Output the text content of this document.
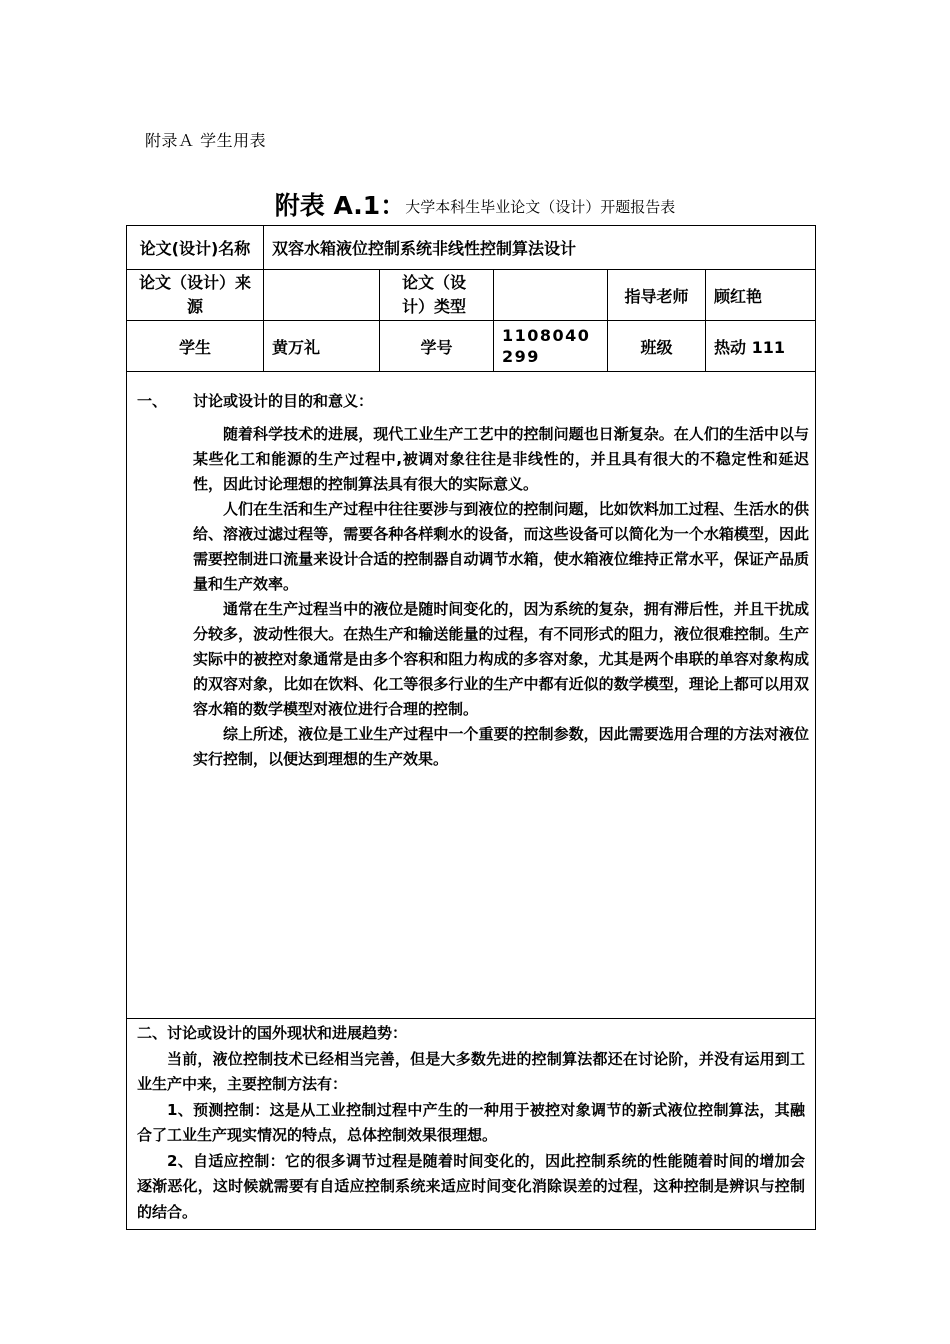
附录Ａ 学生用表
附表 A.1：大学本科生毕业论文（设计）开题报告表
论文(设计)名称	双容水箱液位控制系统非线性控制算法设计				
论文（设计）来源		论文（设计）类型		指导老师	顾红艳
学生	黄万礼	学号	1108040299	班级	热动 111

一、 讨论或设计的目的和意义：

随着科学技术的进展，现代工业生产工艺中的控制问题也日渐复杂。在人们的生活中以与某些化工和能源的生产过程中,被调对象往往是非线性的，并且具有很大的不稳定性和延迟性，因此讨论理想的控制算法具有很大的实际意义。

人们在生活和生产过程中往往要涉与到液位的控制问题，比如饮料加工过程、生活水的供给、溶液过滤过程等，需要各种各样剩水的设备，而这些设备可以简化为一个水箱模型，因此需要控制进口流量来设计合适的控制器自动调节水箱，使水箱液位维持正常水平，保证产品质量和生产效率。

通常在生产过程当中的液位是随时间变化的，因为系统的复杂，拥有滞后性，并且干扰成分较多，波动性很大。在热生产和输送能量的过程，有不同形式的阻力，液位很难控制。生产实际中的被控对象通常是由多个容积和阻力构成的多容对象，尤其是两个串联的单容对象构成的双容对象，比如在饮料、化工等很多行业的生产中都有近似的数学模型，理论上都可以用双容水箱的数学模型对液位进行合理的控制。

综上所述，液位是工业生产过程中一个重要的控制参数，因此需要选用合理的方法对液位实行控制，以便达到理想的生产效果。					

二、讨论或设计的国外现状和进展趋势：

当前，液位控制技术已经相当完善，但是大多数先进的控制算法都还在讨论阶，并没有运用到工业生产中来，主要控制方法有：

1、预测控制：这是从工业控制过程中产生的一种用于被控对象调节的新式液位控制算法，其融合了工业生产现实情况的特点，总体控制效果很理想。

2、自适应控制：它的很多调节过程是随着时间变化的，因此控制系统的性能随着时间的增加会逐渐恶化，这时候就需要有自适应控制系统来适应时间变化消除误差的过程，这种控制是辨识与控制的结合。					
